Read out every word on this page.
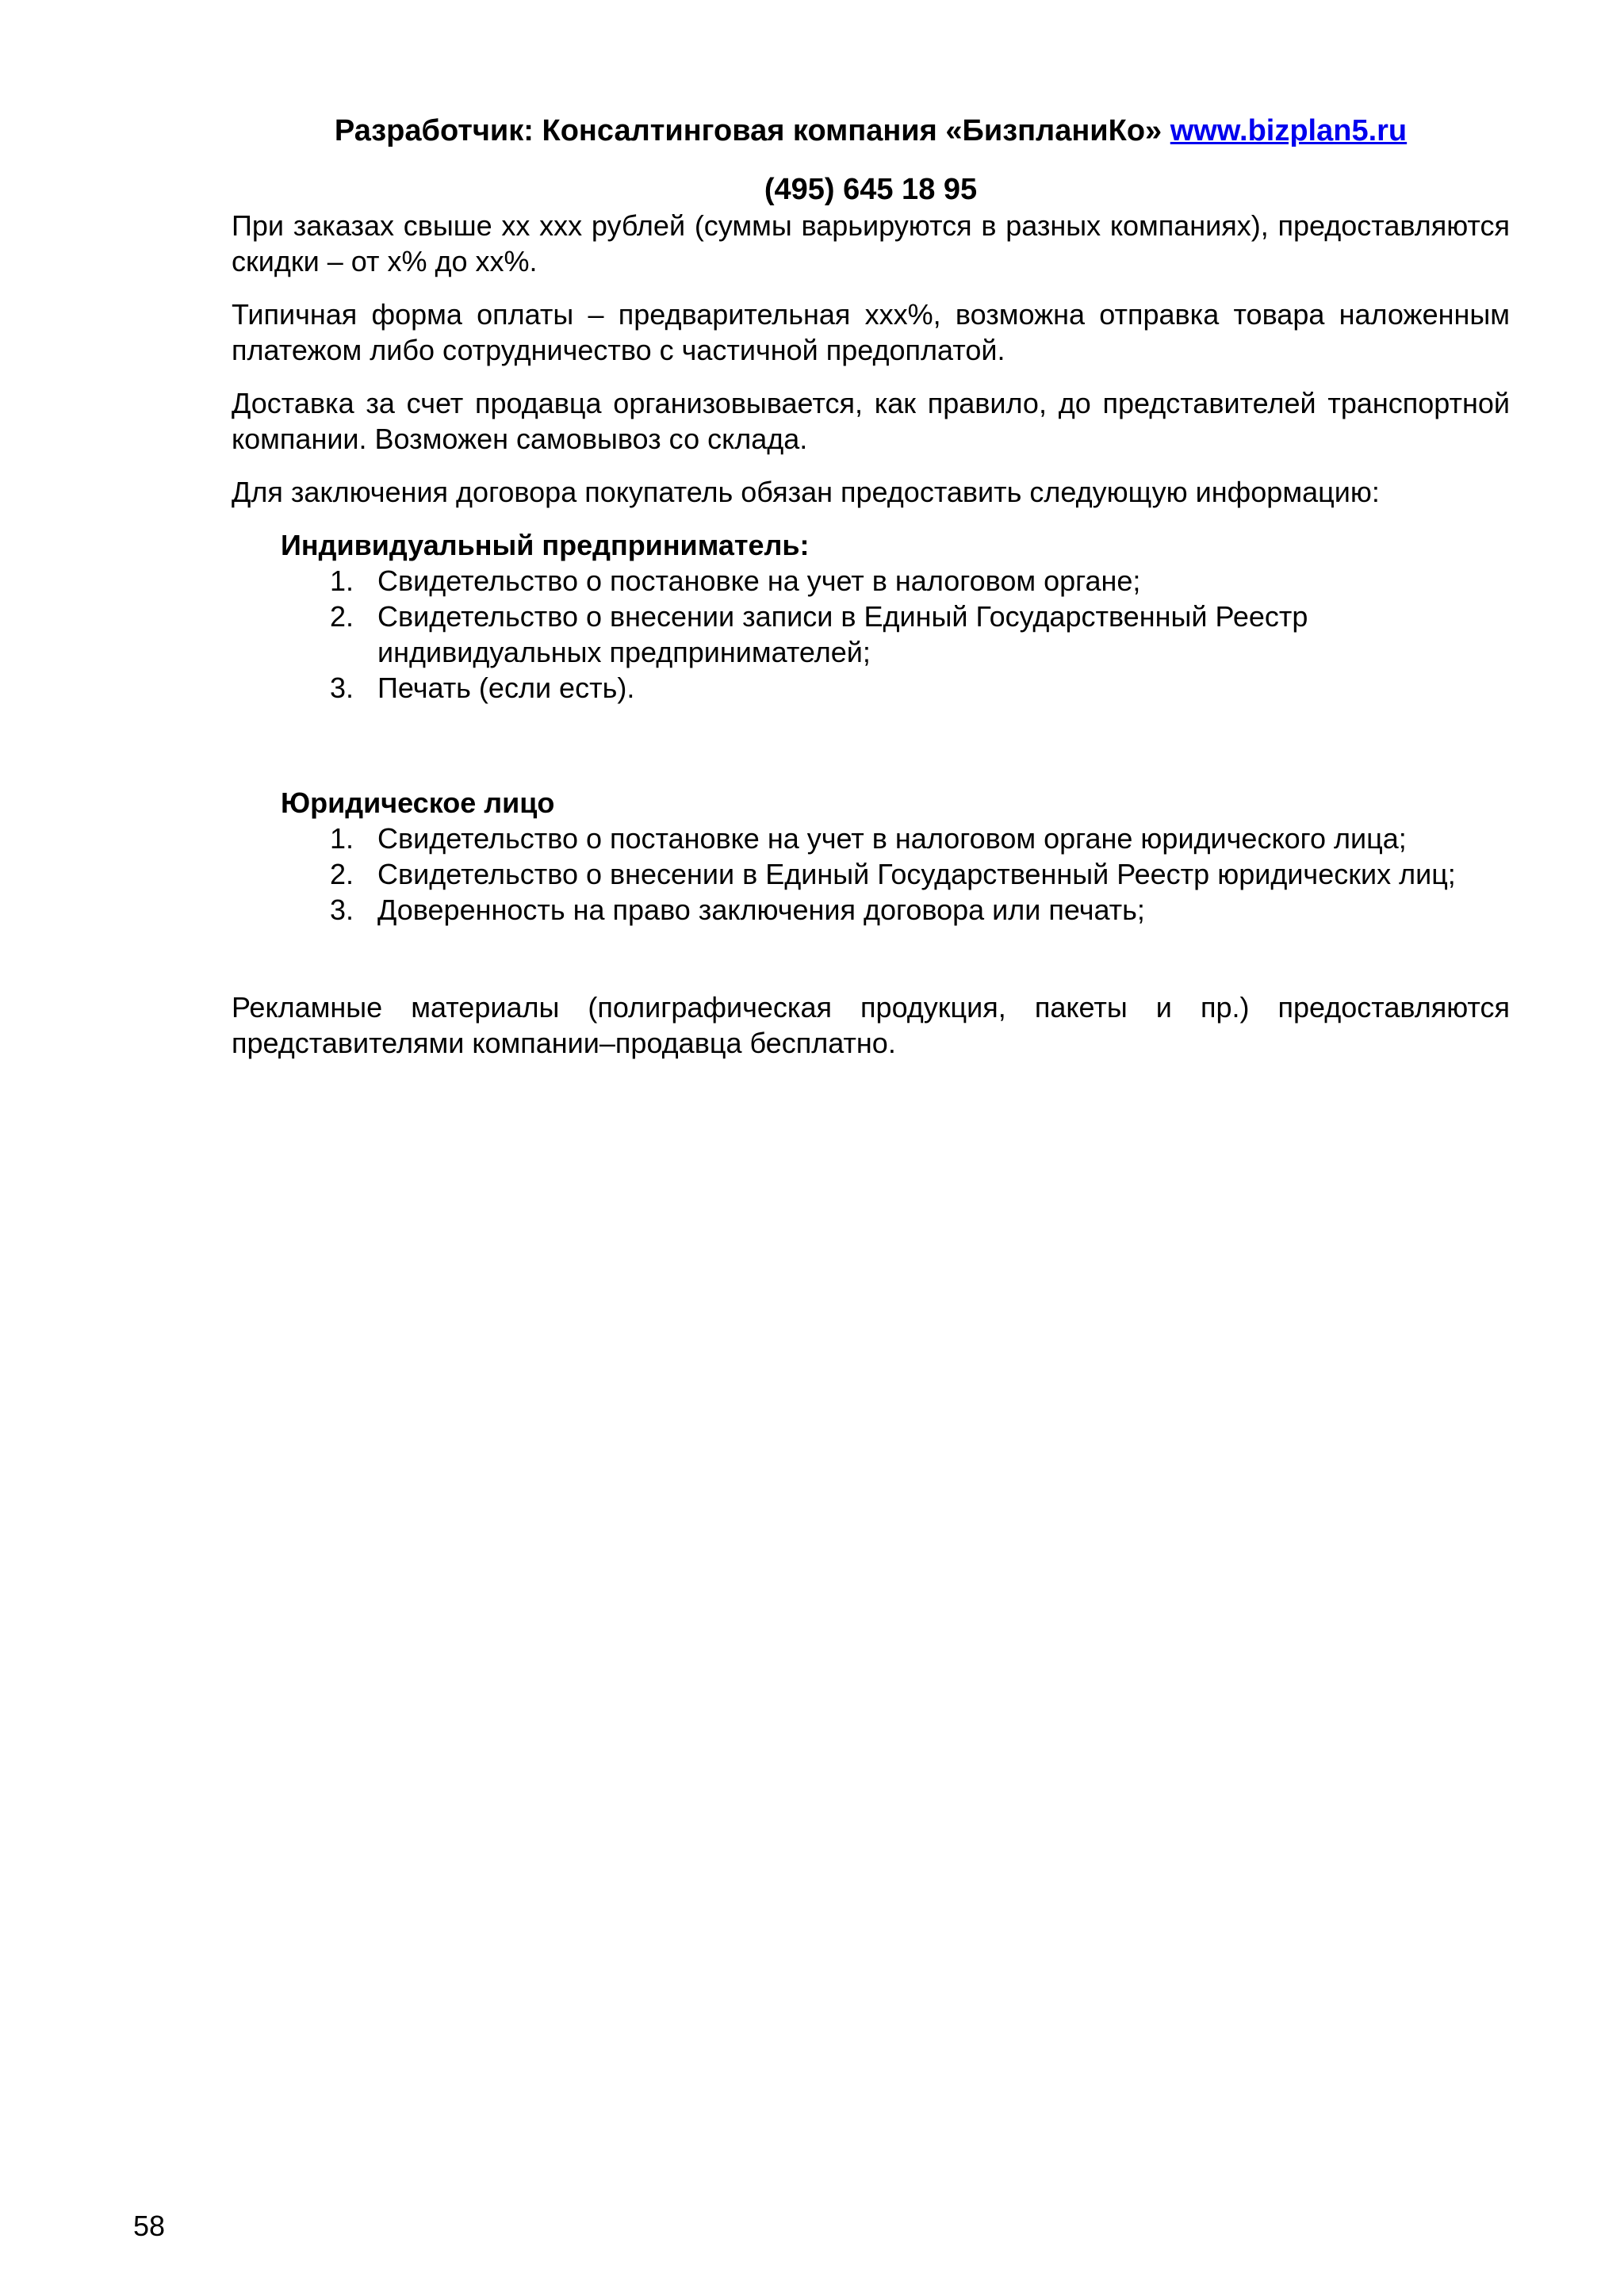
Разработчик: Консалтинговая компания «БизпланиКо» www.bizplan5.ru
(495) 645 18 95

При заказах свыше хх ххх рублей (суммы варьируются в разных компаниях), предоставляются скидки – от х% до хх%.

Типичная форма оплаты – предварительная ххх%, возможна отправка товара наложенным платежом либо сотрудничество с частичной предоплатой.

Доставка за счет продавца организовывается, как правило, до представителей транспортной компании. Возможен самовывоз со склада.

Для заключения договора покупатель обязан предоставить следующую информацию:

Индивидуальный предприниматель:
1. Свидетельство о постановке на учет в налоговом органе;
2. Свидетельство о внесении записи в Единый Государственный Реестр индивидуальных предпринимателей;
3. Печать (если есть).
Юридическое лицо
1. Свидетельство о постановке на учет в налоговом органе юридического лица;
2. Свидетельство о внесении в Единый Государственный Реестр юридических лиц;
3. Доверенность на право заключения договора или печать;

Рекламные материалы (полиграфическая продукция, пакеты и пр.) предоставляются представителями компании–продавца бесплатно.

58
